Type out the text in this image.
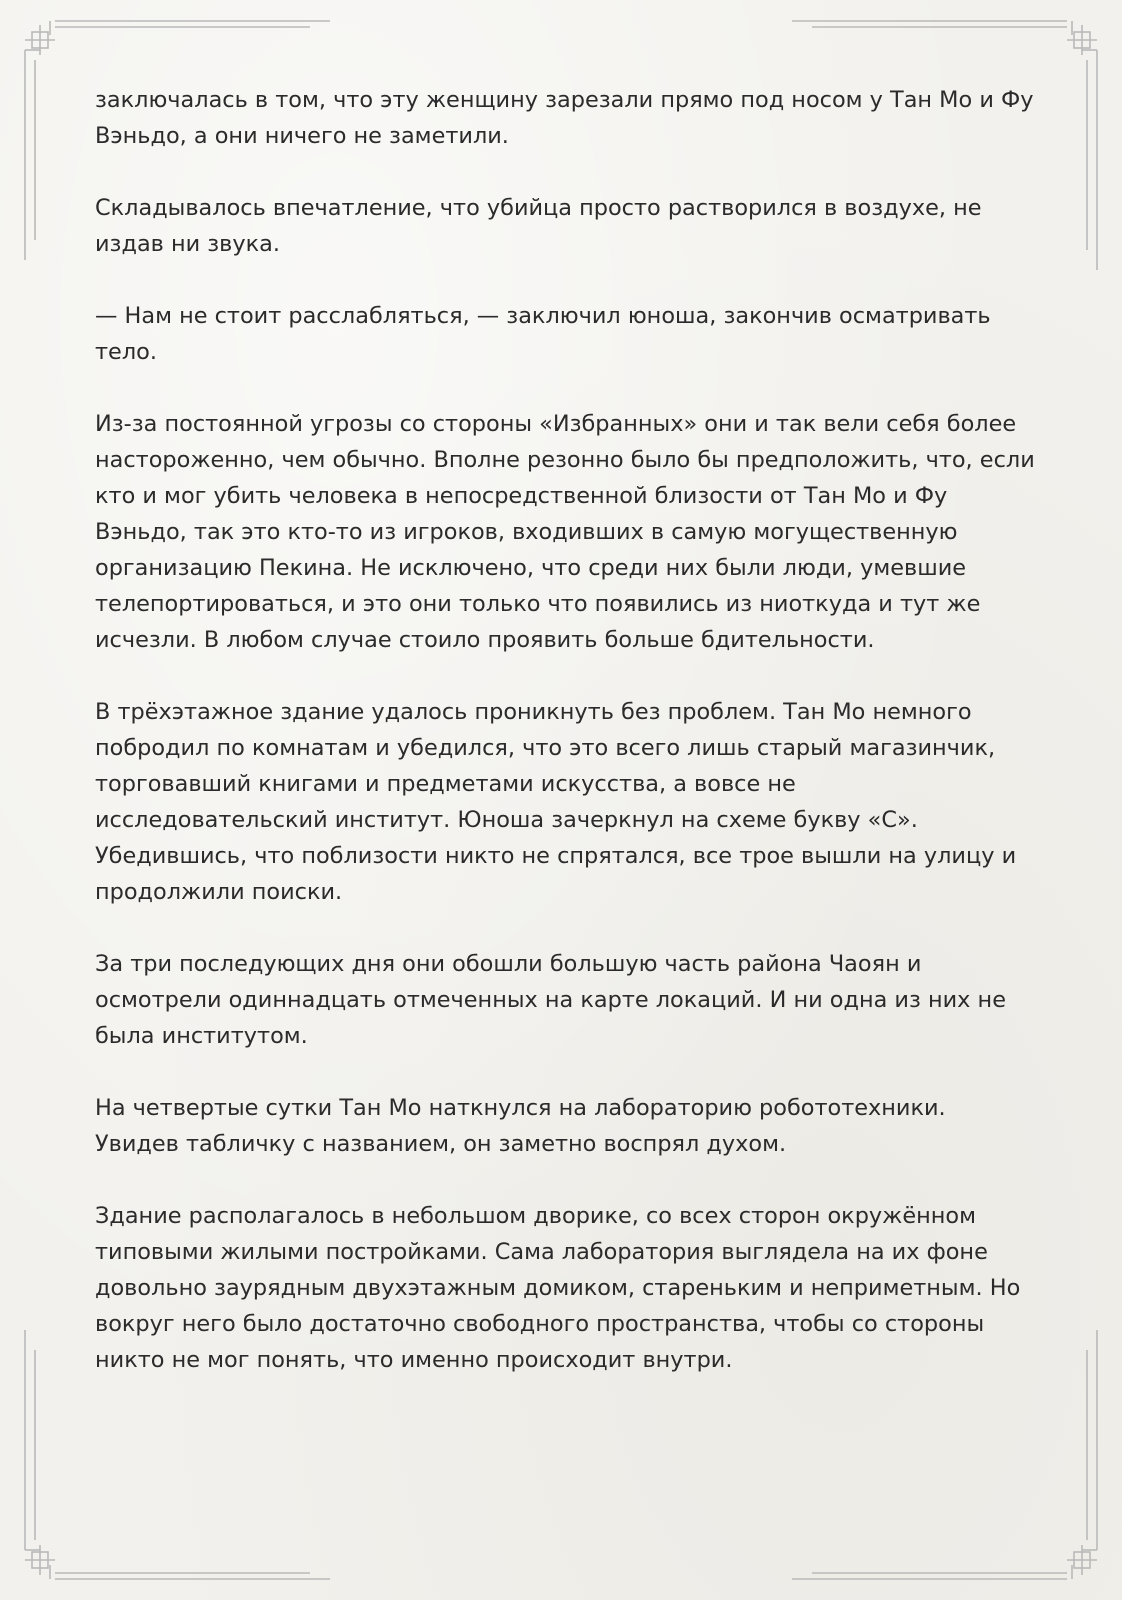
заключалась в том, что эту женщину зарезали прямо под носом у Тан Мо и Фу Вэньдо, а они ничего не заметили.

Складывалось впечатление, что убийца просто растворился в воздухе, не издав ни звука.

— Нам не стоит расслабляться, — заключил юноша, закончив осматривать тело.

Из-за постоянной угрозы со стороны «Избранных» они и так вели себя более настороженно, чем обычно. Вполне резонно было бы предположить, что, если кто и мог убить человека в непосредственной близости от Тан Мо и Фу Вэньдо, так это кто-то из игроков, входивших в самую могущественную организацию Пекина. Не исключено, что среди них были люди, умевшие телепортироваться, и это они только что появились из ниоткуда и тут же исчезли. В любом случае стоило проявить больше бдительности.

В трёхэтажное здание удалось проникнуть без проблем. Тан Мо немного побродил по комнатам и убедился, что это всего лишь старый магазинчик, торговавший книгами и предметами искусства, а вовсе не исследовательский институт. Юноша зачеркнул на схеме букву «С». Убедившись, что поблизости никто не спрятался, все трое вышли на улицу и продолжили поиски.

За три последующих дня они обошли большую часть района Чаоян и осмотрели одиннадцать отмеченных на карте локаций. И ни одна из них не была институтом.

На четвертые сутки Тан Мо наткнулся на лабораторию робототехники. Увидев табличку с названием, он заметно воспрял духом.

Здание располагалось в небольшом дворике, со всех сторон окружённом типовыми жилыми постройками. Сама лаборатория выглядела на их фоне довольно заурядным двухэтажным домиком, стареньким и неприметным. Но вокруг него было достаточно свободного пространства, чтобы со стороны никто не мог понять, что именно происходит внутри.
